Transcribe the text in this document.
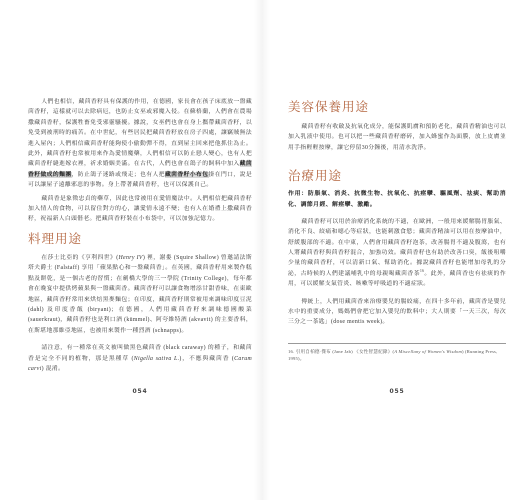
人們也相信，藏茴香籽具有保護的作用，在德國，家長會在孩子床底放一盤藏茴香籽，這樣就可以去除病厄，也防止女巫或邪魔入侵。在蘇格蘭，人們會在農場撒藏茴香籽，保護牲畜免受邪靈騷擾。據說，女巫們也會在身上攜帶藏茴香籽，以免受到被刑時的痛苦。在中世紀，有些居民把藏茴香籽放在房子四處，讓竊賊無法進入屋內；人們相信藏茴香籽能夠使小偷動彈不得，直到屋主回來把他抓住為止。此外，藏茴香籽也常被用來作為愛情魔藥，人們相信可以防止戀人變心，也有人把藏茴香籽縫進嫁衣裡，祈求婚姻美滿。在古代，人們也會在鴿子的飼料中加入藏茴香籽做成的麵團，防止鴿子迷路或飛走；也有人把藏茴香籽小布包掛在門口，說是可以讓屋子遠離邪惡的事物。身上帶著藏茴香籽，也可以保護自己。

藏茴香是象徵忠貞的藥草，因此也常被用在愛情魔法中。人們相信把藏茴香籽加入情人的食物，可以留住對方的心，讓愛情永遠不變；也有人在婚禮上撒藏茴香籽，祝福新人白頭偕老。把藏茴香籽裝在小布袋中，可以加強記憶力。

料理用途

在莎士比亞的《亨利四世》(Henry IV) 裡，謝婁 (Squire Shallow) 曾邀請法斯塔夫爵士 (Falstaff) 享用「蘋果點心和一盤藏茴香」。在英國，藏茴香籽用來製作糕點及餅乾，是一個古老的習慣；在劍橋大學的三一學院 (Trinity College)，每年都會在晚宴中提供烤蘋果與一盤藏茴香。藏茴香籽可以讓食物增添甘甜香味，在東歐地區，藏茴香籽常用來烘焙黑麥麵包；在印度，藏茴香籽則常被用來調味印度豆泥 (dahl) 及印度香飯 (biryani)；在德國，人們用藏茴香籽來調味德國酸菜 (sauerkraut)，藏茴香籽也是利口酒 (kümmel)、阿夸維特酒 (akvavit) 的主要香料，在斯堪地那維亞地區，也被用來製作一種烈酒 (schnapps)。

請注意，有一種常在英文被叫做黑色藏茴香 (black caraway) 的種子，和藏茴香是完全不同的植物，那是黑種草 (Nigella sativa L.)，不應與藏茴香 (Carum carvi) 混淆。

054
美容保養用途

藏茴香籽有收斂及抗氧化成分，能保護肌膚和預防老化，藏茴香精油也可以加入乳液中使用。也可以把一些藏茴香籽磨碎，加入蜂蜜作為面膜，放上皮膚並用手指輕輕按摩，讓它停留30分鐘後，用清水洗淨。

治療用途

作用：防脹氣、消炎、抗微生物、抗氧化、抗痙攣、驅風劑、祛痰、幫助消化、調節月經、解痙攣、激勵。

藏茴香籽可以用於治療消化系統的不適，在歐洲，一般用來緩解腸胃脹氣、消化不良、絞痛和噁心等症狀，也能刺激食慾；藏茴香精油可以用在按摩油中，舒緩腹部的不適。在中東，人們會用藏茴香籽泡茶，改善腸胃不適及腹瀉，也有人將藏茴香籽與茴香籽混合，加強功效。藏茴香籽也有助於改善口臭，飯後咀嚼少量的藏茴香籽，可以清新口氣、幫助消化。據說藏茴香籽也能增加母乳的分泌，古時候的人們建議哺乳中的母親喝藏茴香茶$^{16}$。此外，藏茴香也有祛痰的作用，可以緩解支氣管炎、咳嗽等呼吸道的不適症狀。

傳統上，人們用藏茴香來治療嬰兒的腸絞痛，在四十多年前，藏茴香是嬰兒水中的重要成分，媽媽們會把它加入嬰兒的飲料中；大人則要「一天三次，每次三分之一茶匙」(dose mentis week)。

16. 引用自柏德·傑布 (Jane Jab) 《女性智慧紀錄》(A Miscellany of Women's Wisdom) (Running Press, 1995)。

055
